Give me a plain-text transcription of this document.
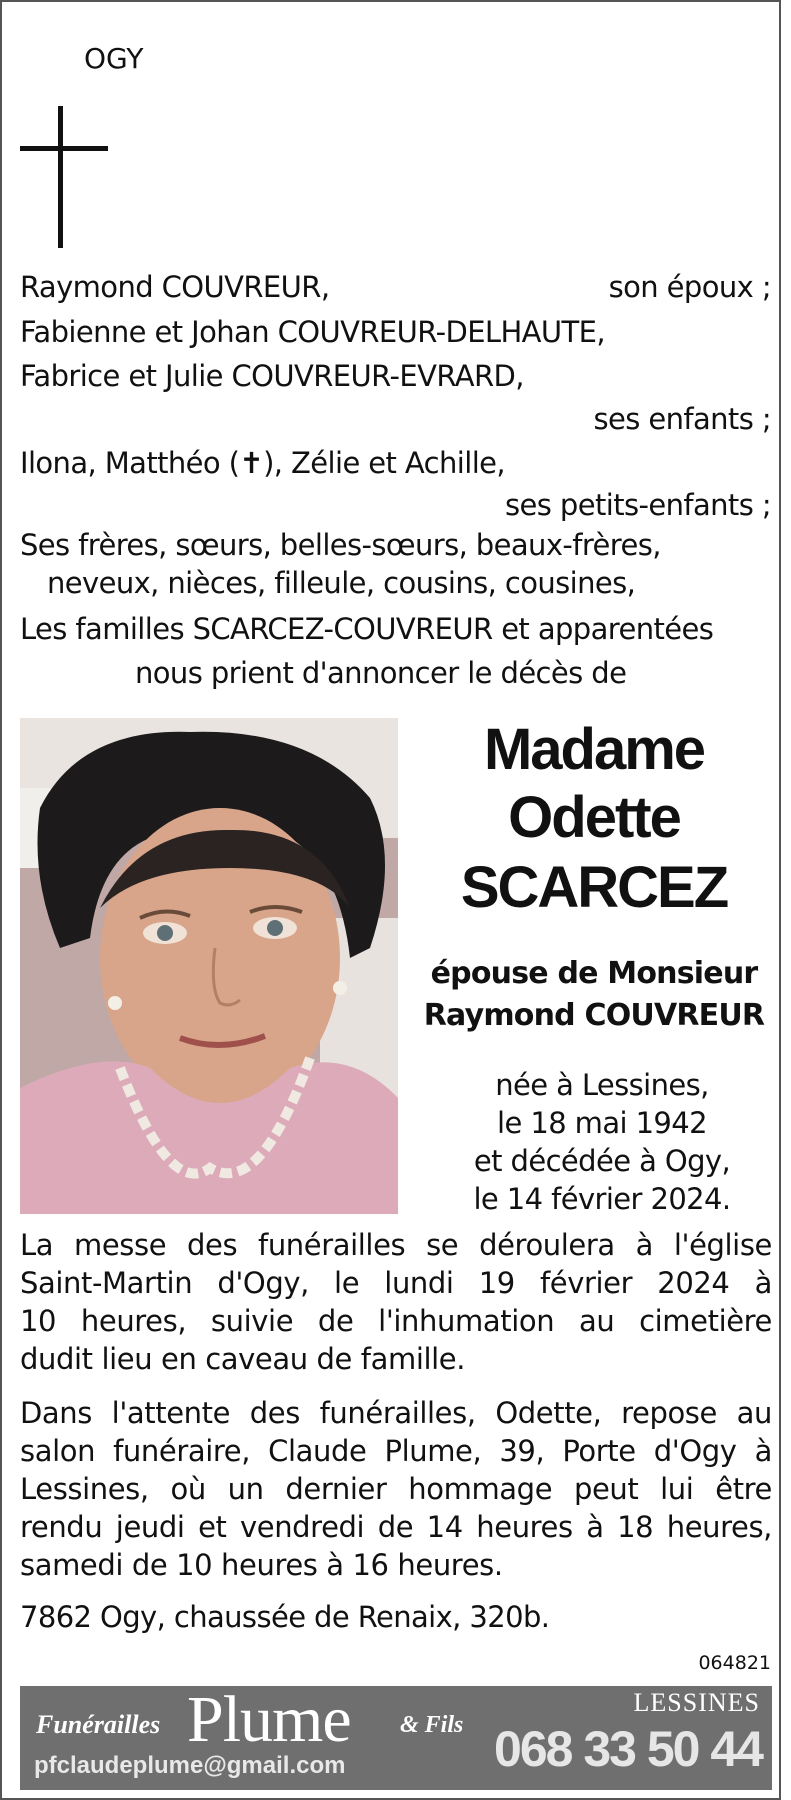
OGY
Raymond COUVREUR,	son époux ;
Fabienne et Johan COUVREUR-DELHAUTE,
Fabrice et Julie COUVREUR-EVRARD,
ses enfants ;
Ilona, Matthéo (✝), Zélie et Achille,
ses petits-enfants ;
Ses frères, sœurs, belles-sœurs, beaux-frères,
neveux, nièces, filleule, cousins, cousines,
Les familles SCARCEZ-COUVREUR et apparentées
nous prient d'annoncer le décès de
Madame
Odette
SCARCEZ
épouse de Monsieur
Raymond COUVREUR
née à Lessines,
le 18 mai 1942
et décédée à Ogy,
le 14 février 2024.
La messe des funérailles se déroulera à l'église
Saint-Martin d'Ogy, le lundi 19 février 2024 à
10 heures, suivie de l'inhumation au cimetière
dudit lieu en caveau de famille.
Dans l'attente des funérailles, Odette, repose au
salon funéraire, Claude Plume, 39, Porte d'Ogy à
Lessines, où un dernier hommage peut lui être
rendu jeudi et vendredi de 14 heures à 18 heures,
samedi de 10 heures à 16 heures.
7862 Ogy, chaussée de Renaix, 320b.
064821
Funérailles Plume & Fils
pfclaudeplume@gmail.com
LESSINES
068 33 50 44
